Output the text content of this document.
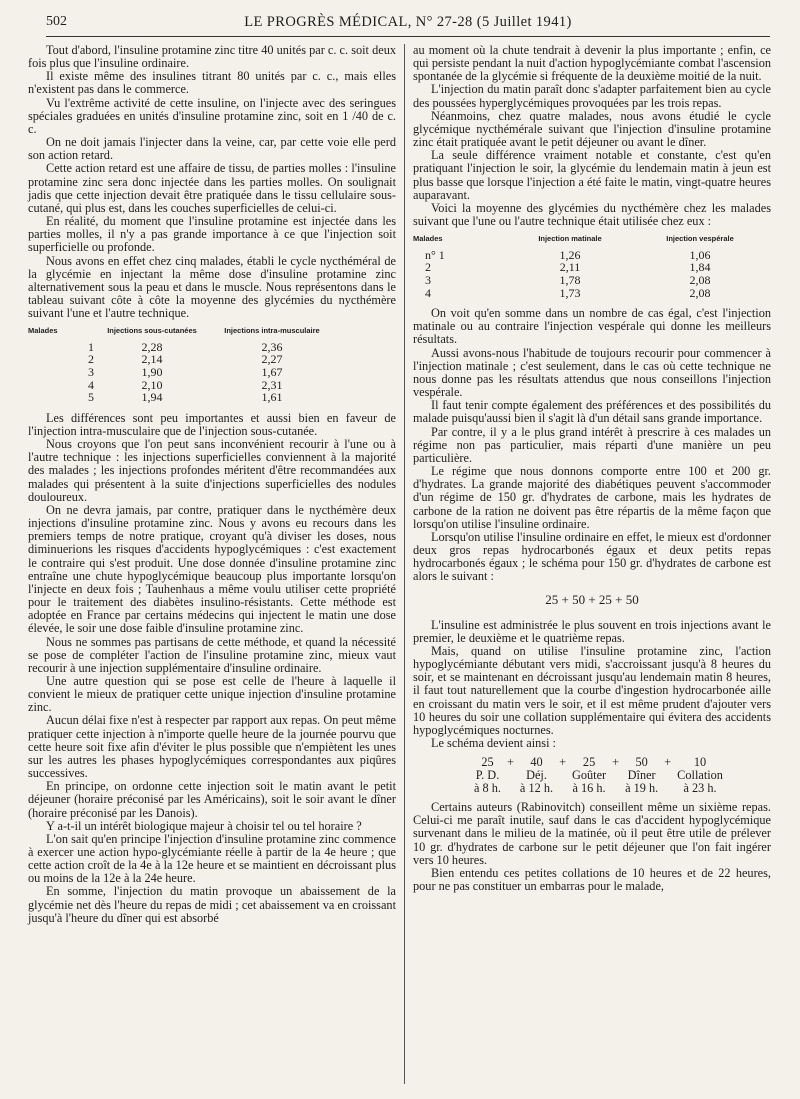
502	LE PROGRÈS MÉDICAL, N° 27-28 (5 Juillet 1941)

Tout d'abord, l'insuline protamine zinc titre 40 unités par c. c. soit deux fois plus que l'insuline ordinaire.

Il existe même des insulines titrant 80 unités par c. c., mais elles n'existent pas dans le commerce.

Vu l'extrême activité de cette insuline, on l'injecte avec des seringues spéciales graduées en unités d'insuline protamine zinc, soit en 1 /40 de c. c.

On ne doit jamais l'injecter dans la veine, car, par cette voie elle perd son action retard.

Cette action retard est une affaire de tissu, de parties molles : l'insuline protamine zinc sera donc injectée dans les parties molles. On soulignait jadis que cette injection devait être pratiquée dans le tissu cellulaire sous-cutané, qui plus est, dans les couches superficielles de celui-ci.

En réalité, du moment que l'insuline protamine est injectée dans les parties molles, il n'y a pas grande importance à ce que l'injection soit superficielle ou profonde.

Nous avons en effet chez cinq malades, établi le cycle nycthéméral de la glycémie en injectant la même dose d'insuline protamine zinc alternativement sous la peau et dans le muscle. Nous représentons dans le tableau suivant côte à côte la moyenne des glycémies du nycthémère suivant l'une et l'autre technique.

Malades	Injections sous-cutanées	Injections intra-musculaire
1	2,28	2,36
2	2,14	2,27
3	1,90	1,67
4	2,10	2,31
5	1,94	1,61

Les différences sont peu importantes et aussi bien en faveur de l'injection intra-musculaire que de l'injection sous-cutanée.

Nous croyons que l'on peut sans inconvénient recourir à l'une ou à l'autre technique : les injections superficielles conviennent à la majorité des malades ; les injections profondes méritent d'être recommandées aux malades qui présentent à la suite d'injections superficielles des nodules douloureux.

On ne devra jamais, par contre, pratiquer dans le nycthémère deux injections d'insuline protamine zinc. Nous y avons eu recours dans les premiers temps de notre pratique, croyant qu'à diviser les doses, nous diminuerions les risques d'accidents hypoglycémiques : c'est exactement le contraire qui s'est produit. Une dose donnée d'insuline protamine zinc entraîne une chute hypoglycémique beaucoup plus importante lorsqu'on l'injecte en deux fois ; Tauhenhaus a même voulu utiliser cette propriété pour le traitement des diabètes insulino-résistants. Cette méthode est adoptée en France par certains médecins qui injectent le matin une dose élevée, le soir une dose faible d'insuline protamine zinc.

Nous ne sommes pas partisans de cette méthode, et quand la nécessité se pose de compléter l'action de l'insuline protamine zinc, mieux vaut recourir à une injection supplémentaire d'insuline ordinaire.

Une autre question qui se pose est celle de l'heure à laquelle il convient le mieux de pratiquer cette unique injection d'insuline protamine zinc.

Aucun délai fixe n'est à respecter par rapport aux repas. On peut même pratiquer cette injection à n'importe quelle heure de la journée pourvu que cette heure soit fixe afin d'éviter le plus possible que n'empiètent les unes sur les autres les phases hypoglycémiques correspondantes aux piqûres successives.

En principe, on ordonne cette injection soit le matin avant le petit déjeuner (horaire préconisé par les Américains), soit le soir avant le dîner (horaire préconisé par les Danois).

Y a-t-il un intérêt biologique majeur à choisir tel ou tel horaire ?

L'on sait qu'en principe l'injection d'insuline protamine zinc commence à exercer une action hypo-glycémiante réelle à partir de la 4e heure ; que cette action croît de la 4e à la 12e heure et se maintient en décroissant plus ou moins de la 12e à la 24e heure.

En somme, l'injection du matin provoque un abaissement de la glycémie net dès l'heure du repas de midi ; cet abaissement va en croissant jusqu'à l'heure du dîner qui est absorbé

au moment où la chute tendrait à devenir la plus importante ; enfin, ce qui persiste pendant la nuit d'action hypoglycémiante combat l'ascension spontanée de la glycémie si fréquente de la deuxième moitié de la nuit.

L'injection du matin paraît donc s'adapter parfaitement bien au cycle des poussées hyperglycémiques provoquées par les trois repas.

Néanmoins, chez quatre malades, nous avons étudié le cycle glycémique nycthémérale suivant que l'injection d'insuline protamine zinc était pratiquée avant le petit déjeuner ou avant le dîner.

La seule différence vraiment notable et constante, c'est qu'en pratiquant l'injection le soir, la glycémie du lendemain matin à jeun est plus basse que lorsque l'injection a été faite le matin, vingt-quatre heures auparavant.

Voici la moyenne des glycémies du nycthémère chez les malades suivant que l'une ou l'autre technique était utilisée chez eux :

Malades	Injection matinale	Injection vespérale
n° 1	1,26	1,06
2	2,11	1,84
3	1,78	2,08
4	1,73	2,08

On voit qu'en somme dans un nombre de cas égal, c'est l'injection matinale ou au contraire l'injection vespérale qui donne les meilleurs résultats.

Aussi avons-nous l'habitude de toujours recourir pour commencer à l'injection matinale ; c'est seulement, dans le cas où cette technique ne nous donne pas les résultats attendus que nous conseillons l'injection vespérale.

Il faut tenir compte également des préférences et des possibilités du malade puisqu'aussi bien il s'agit là d'un détail sans grande importance.

Par contre, il y a le plus grand intérêt à prescrire à ces malades un régime non pas particulier, mais réparti d'une manière un peu particulière.

Le régime que nous donnons comporte entre 100 et 200 gr. d'hydrates. La grande majorité des diabétiques peuvent s'accommoder d'un régime de 150 gr. d'hydrates de carbone, mais les hydrates de carbone de la ration ne doivent pas être répartis de la même façon que lorsqu'on utilise l'insuline ordinaire.

Lorsqu'on utilise l'insuline ordinaire en effet, le mieux est d'ordonner deux gros repas hydrocarbonés égaux et deux petits repas hydrocarbonés égaux ; le schéma pour 150 gr. d'hydrates de carbone est alors le suivant :

25 + 50 + 25 + 50

L'insuline est administrée le plus souvent en trois injections avant le premier, le deuxième et le quatrième repas.

Mais, quand on utilise l'insuline protamine zinc, l'action hypoglycémiante débutant vers midi, s'accroissant jusqu'à 8 heures du soir, et se maintenant en décroissant jusqu'au lendemain matin 8 heures, il faut tout naturellement que la courbe d'ingestion hydrocarbonée aille en croissant du matin vers le soir, et il est même prudent d'ajouter vers 10 heures du soir une collation supplémentaire qui évitera des accidents hypoglycémiques nocturnes.

Le schéma devient ainsi :

25	+	40	+	25	+	50	+	10
P. D.		Déj.		Goûter		Dîner		Collation
à 8 h.		à 12 h.		à 16 h.		à 19 h.		à 23 h.

Certains auteurs (Rabinovitch) conseillent même un sixième repas. Celui-ci me paraît inutile, sauf dans le cas d'accident hypoglycémique survenant dans le milieu de la matinée, où il peut être utile de prélever 10 gr. d'hydrates de carbone sur le petit déjeuner que l'on fait ingérer vers 10 heures.

Bien entendu ces petites collations de 10 heures et de 22 heures, pour ne pas constituer un embarras pour le malade,
